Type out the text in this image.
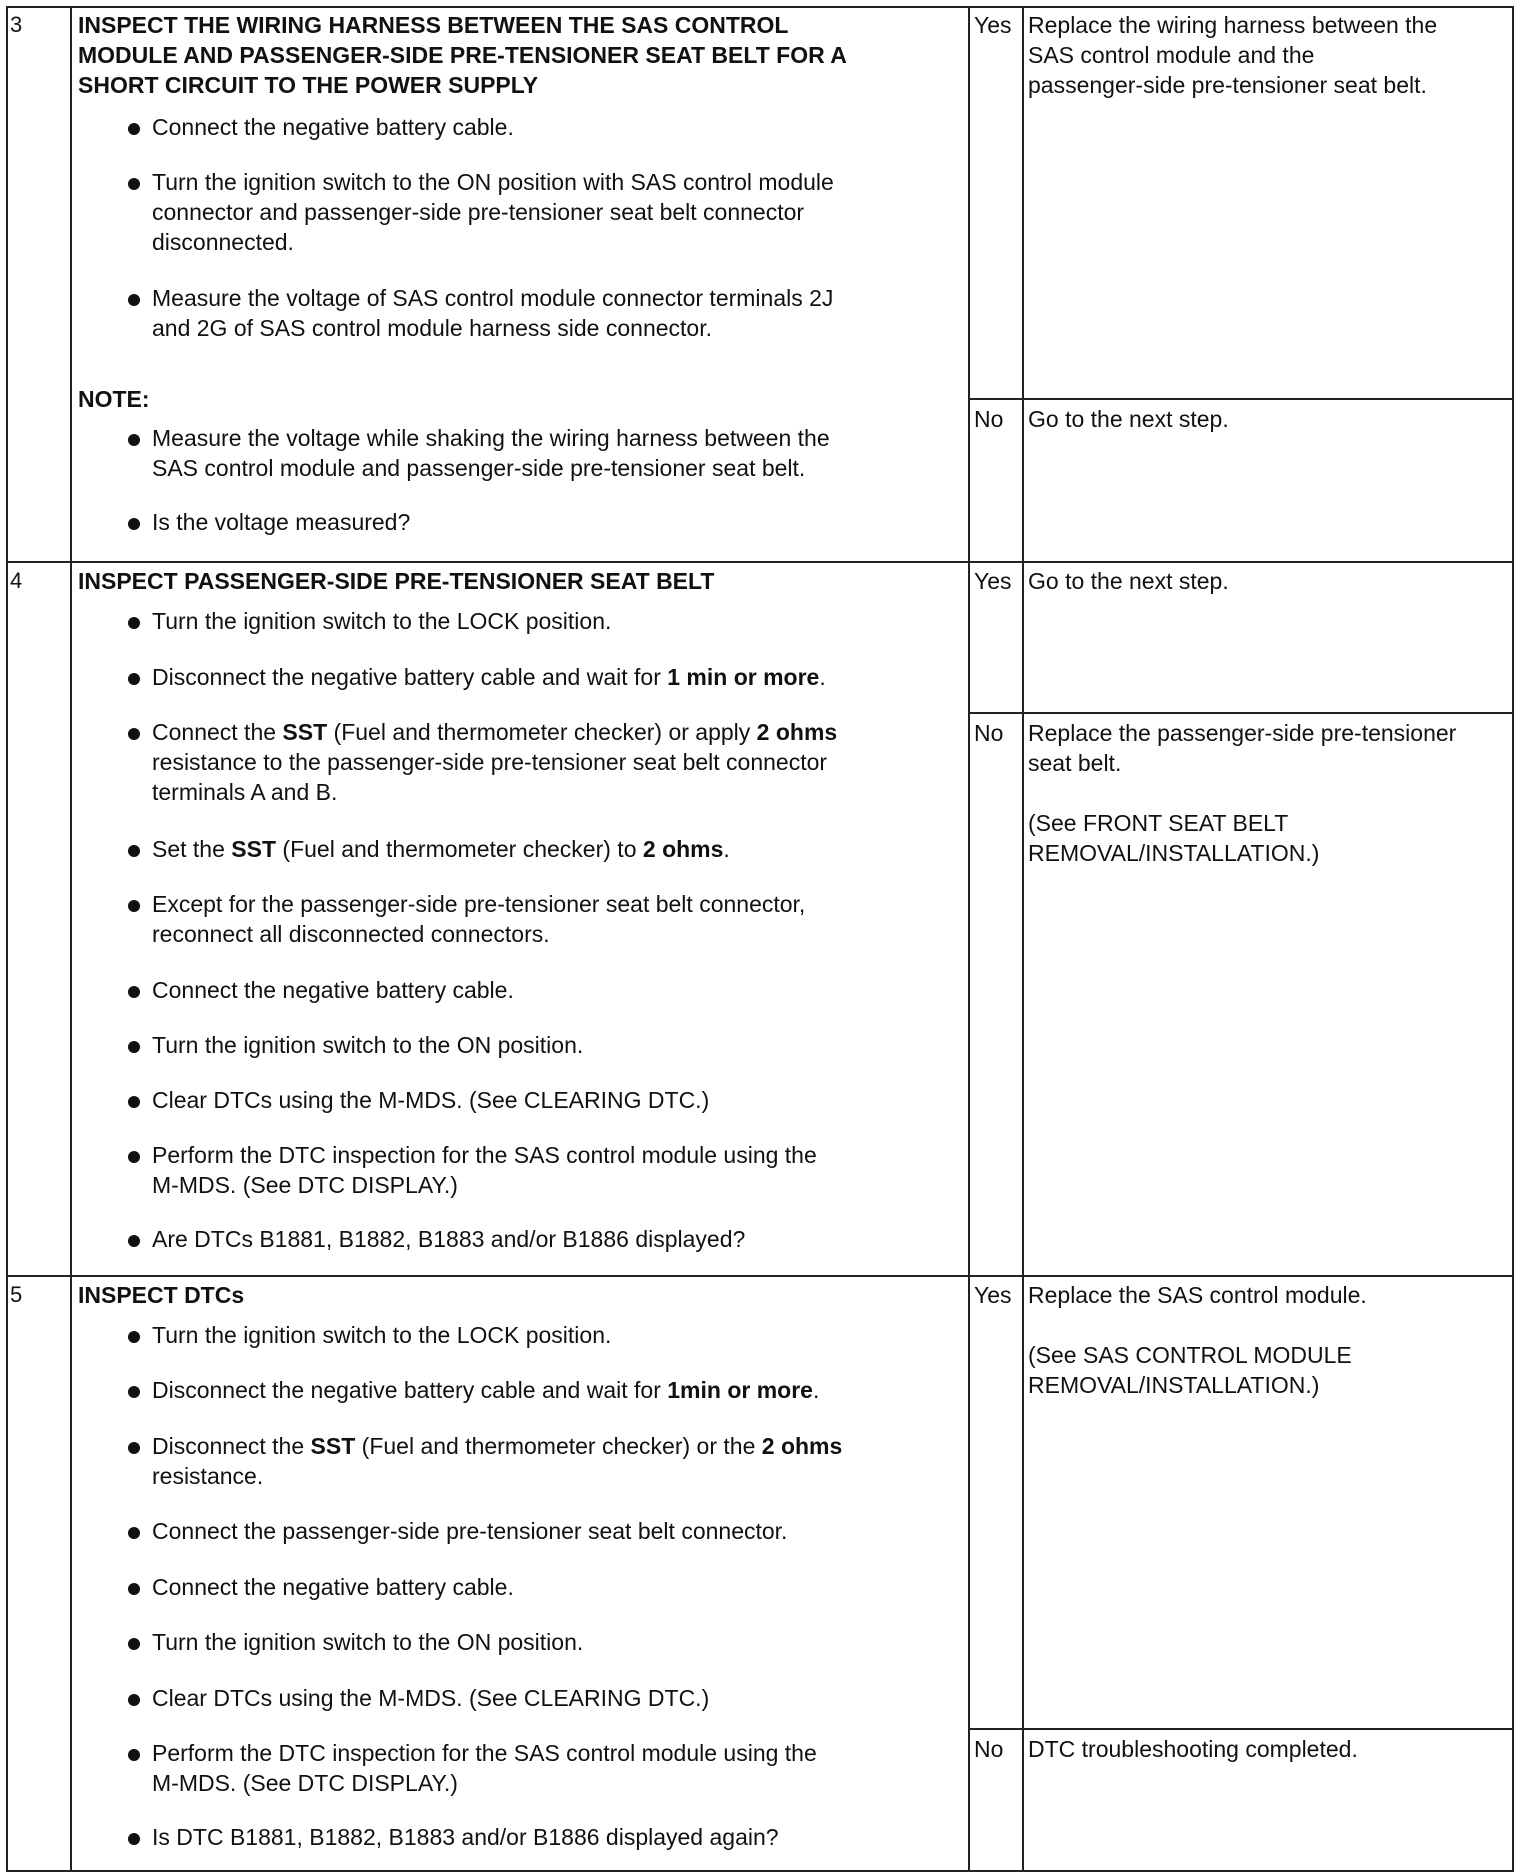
3 INSPECT THE WIRING HARNESS BETWEEN THE SAS CONTROL
MODULE AND PASSENGER-SIDE PRE-TENSIONER SEAT BELT FOR A
SHORT CIRCUIT TO THE POWER SUPPLY
Connect the negative battery cable.
Turn the ignition switch to the ON position with SAS control module
connector and passenger-side pre-tensioner seat belt connector
disconnected.
Measure the voltage of SAS control module connector terminals 2J
and 2G of SAS control module harness side connector.
NOTE:
Measure the voltage while shaking the wiring harness between the
SAS control module and passenger-side pre-tensioner seat belt.
Is the voltage measured?
Yes Replace the wiring harness between the
SAS control module and the
passenger-side pre-tensioner seat belt.
No Go to the next step.
4 INSPECT PASSENGER-SIDE PRE-TENSIONER SEAT BELT
Turn the ignition switch to the LOCK position.
Disconnect the negative battery cable and wait for 1 min or more.
Connect the SST (Fuel and thermometer checker) or apply 2 ohms
resistance to the passenger-side pre-tensioner seat belt connector
terminals A and B.
Set the SST (Fuel and thermometer checker) to 2 ohms.
Except for the passenger-side pre-tensioner seat belt connector,
reconnect all disconnected connectors.
Connect the negative battery cable.
Turn the ignition switch to the ON position.
Clear DTCs using the M-MDS. (See CLEARING DTC.)
Perform the DTC inspection for the SAS control module using the
M-MDS. (See DTC DISPLAY.)
Are DTCs B1881, B1882, B1883 and/or B1886 displayed?
Yes Go to the next step.
No Replace the passenger-side pre-tensioner
seat belt.
(See FRONT SEAT BELT
REMOVAL/INSTALLATION.)
5 INSPECT DTCs
Turn the ignition switch to the LOCK position.
Disconnect the negative battery cable and wait for 1min or more.
Disconnect the SST (Fuel and thermometer checker) or the 2 ohms
resistance.
Connect the passenger-side pre-tensioner seat belt connector.
Connect the negative battery cable.
Turn the ignition switch to the ON position.
Clear DTCs using the M-MDS. (See CLEARING DTC.)
Perform the DTC inspection for the SAS control module using the
M-MDS. (See DTC DISPLAY.)
Is DTC B1881, B1882, B1883 and/or B1886 displayed again?
Yes Replace the SAS control module.
(See SAS CONTROL MODULE
REMOVAL/INSTALLATION.)
No DTC troubleshooting completed.
